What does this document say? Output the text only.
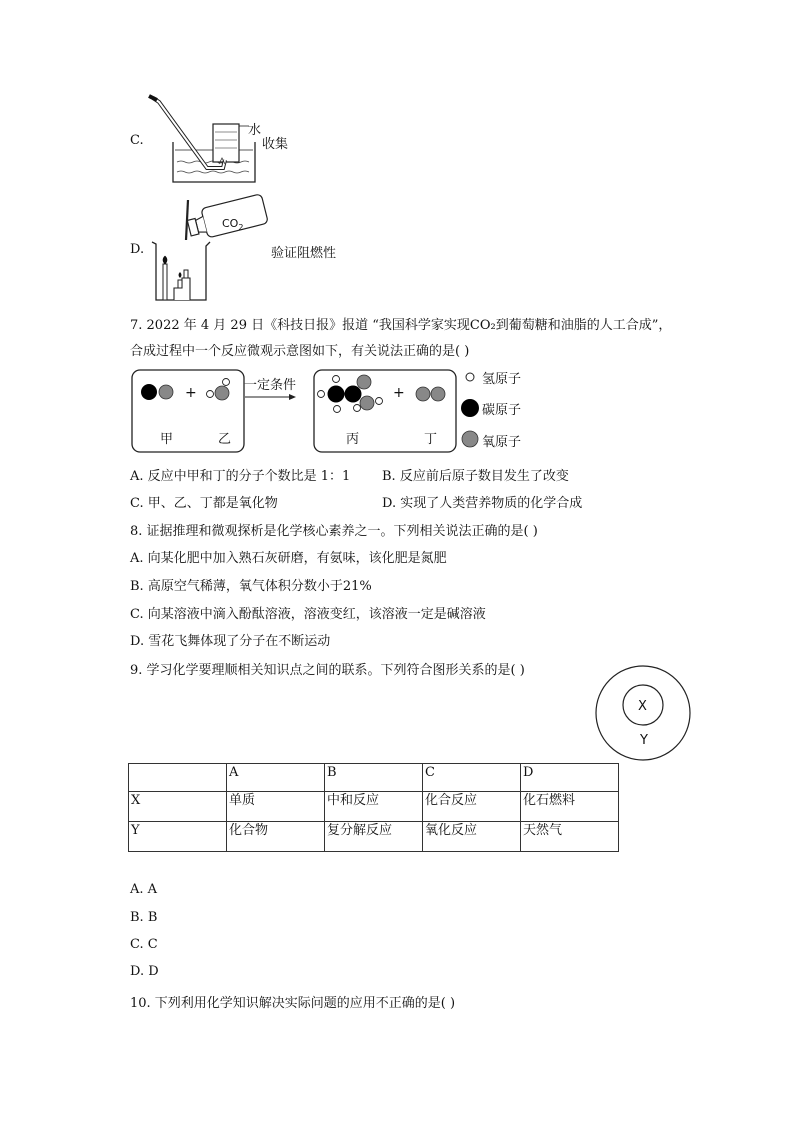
C.
水
收集
D.
$CO_2$
验证阻燃性
7. 2022 年 4 月 29 日《科技日报》报道 “我国科学家实现CO₂到葡萄糖和油脂的人工合成”，
合成过程中一个反应微观示意图如下，有关说法正确的是( )
+
甲	乙
一定条件	+
丙	丁
氢原子
碳原子
氧原子
A. 反应中甲和丁的分子个数比是 1：1 B. 反应前后原子数目发生了改变
C. 甲、乙、丁都是氧化物	D. 实现了人类营养物质的化学合成
8. 证据推理和微观探析是化学核心素养之一。下列相关说法正确的是( )
A. 向某化肥中加入熟石灰研磨，有氨味，该化肥是氮肥
B. 高原空气稀薄，氧气体积分数小于21%
C. 向某溶液中滴入酚酞溶液，溶液变红，该溶液一定是碱溶液
D. 雪花飞舞体现了分子在不断运动
9. 学习化学要理顺相关知识点之间的联系。下列符合图形关系的是( )
X
Y
	A	B	C	D
X	单质	中和反应	化合反应	化石燃料
Y	化合物	复分解反应	氧化反应	天然气
A. A
B. B
C. C
D. D
10. 下列利用化学知识解决实际问题的应用不正确的是( )
